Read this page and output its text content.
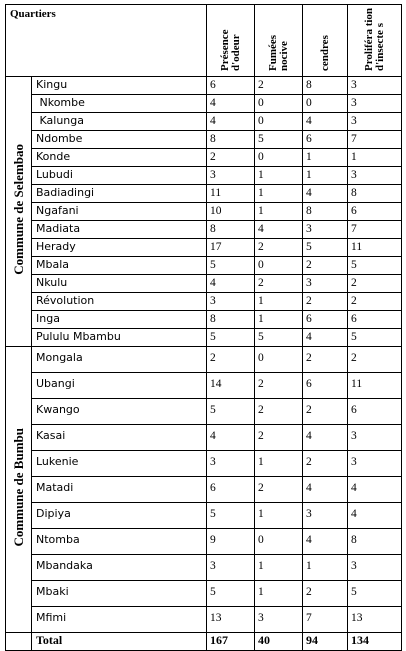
Quartiers		Présence d'odeur	Fumées nocive	cendres	Proliféra tion d'insecte s
Commune de Selembao	Kingu	6	2	8	3
	Nkombe	4	0	0	3
	Kalunga	4	0	4	3
	Ndombe	8	5	6	7
	Konde	2	0	1	1
	Lubudi	3	1	1	3
	Badiadingi	11	1	4	8
	Ngafani	10	1	8	6
	Madiata	8	4	3	7
	Herady	17	2	5	11
	Mbala	5	0	2	5
	Nkulu	4	2	3	2
	Révolution	3	1	2	2
	Inga	8	1	6	6
	Pululu Mbambu	5	5	4	5
Commune de Bumbu	Mongala	2	0	2	2
	Ubangi	14	2	6	11
	Kwango	5	2	2	6
	Kasai	4	2	4	3
	Lukenie	3	1	2	3
	Matadi	6	2	4	4
	Dipiya	5	1	3	4
	Ntomba	9	0	4	8
	Mbandaka	3	1	1	3
	Mbaki	5	1	2	5
	Mfimi	13	3	7	13
	Total	167	40	94	134
